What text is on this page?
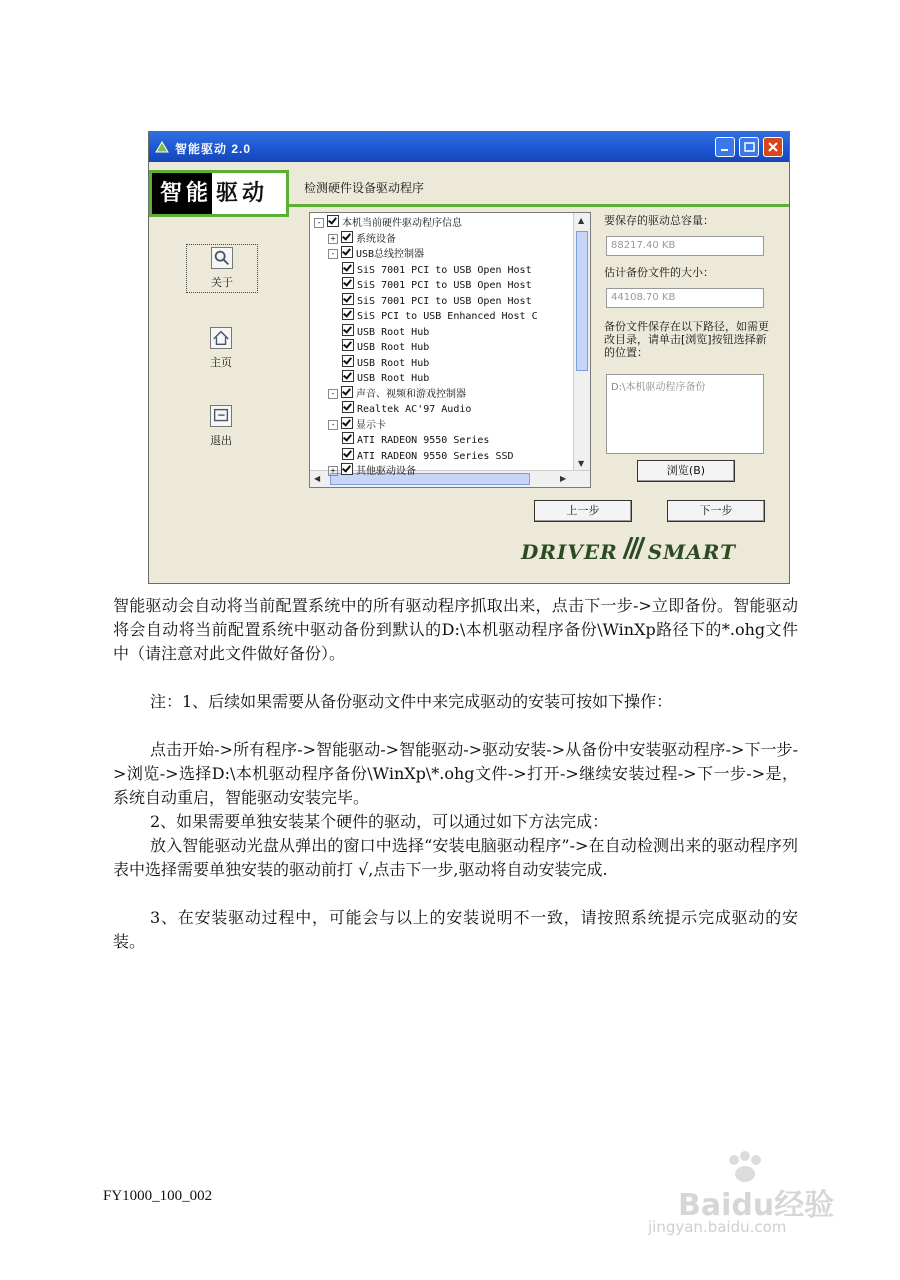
智能驱动 2.0
智能 驱动	检测硬件设备驱动程序
关于
主页
退出
▲
▼
◀	▶
- 本机当前硬件驱动程序信息
+ 系统设备
- USB总线控制器
SiS 7001 PCI to USB Open Host
SiS 7001 PCI to USB Open Host
SiS 7001 PCI to USB Open Host
SiS PCI to USB Enhanced Host C
USB Root Hub
USB Root Hub
USB Root Hub
USB Root Hub
- 声音、视频和游戏控制器
Realtek AC'97 Audio
- 显示卡
ATI RADEON 9550 Series
ATI RADEON 9550 Series SSD
+ 其他驱动设备
要保存的驱动总容量：
88217.40 KB
估计备份文件的大小：
44108.70 KB
备份文件保存在以下路径，如需更改目录，请单击[浏览]按钮选择新的位置：
D:\本机驱动程序备份
浏览(B)
上一步	下一步
DRIVER SMART
智能驱动会自动将当前配置系统中的所有驱动程序抓取出来，点击下一步->立即备份。智能驱动将会自动将当前配置系统中驱动备份到默认的D:\本机驱动程序备份\WinXp路径下的*.ohg文件中（请注意对此文件做好备份）。
注：1、后续如果需要从备份驱动文件中来完成驱动的安装可按如下操作：
点击开始->所有程序->智能驱动->智能驱动->驱动安装->从备份中安装驱动程序->下一步->浏览->选择D:\本机驱动程序备份\WinXp\*.ohg文件->打开->继续安装过程->下一步->是，系统自动重启，智能驱动安装完毕。
2、如果需要单独安装某个硬件的驱动，可以通过如下方法完成：
放入智能驱动光盘从弹出的窗口中选择“安装电脑驱动程序”->在自动检测出来的驱动程序列表中选择需要单独安装的驱动前打 √,点击下一步,驱动将自动安装完成.
3、在安装驱动过程中，可能会与以上的安装说明不一致，请按照系统提示完成驱动的安装。
FY1000_100_002	Baidu经验
jingyan.baidu.com
